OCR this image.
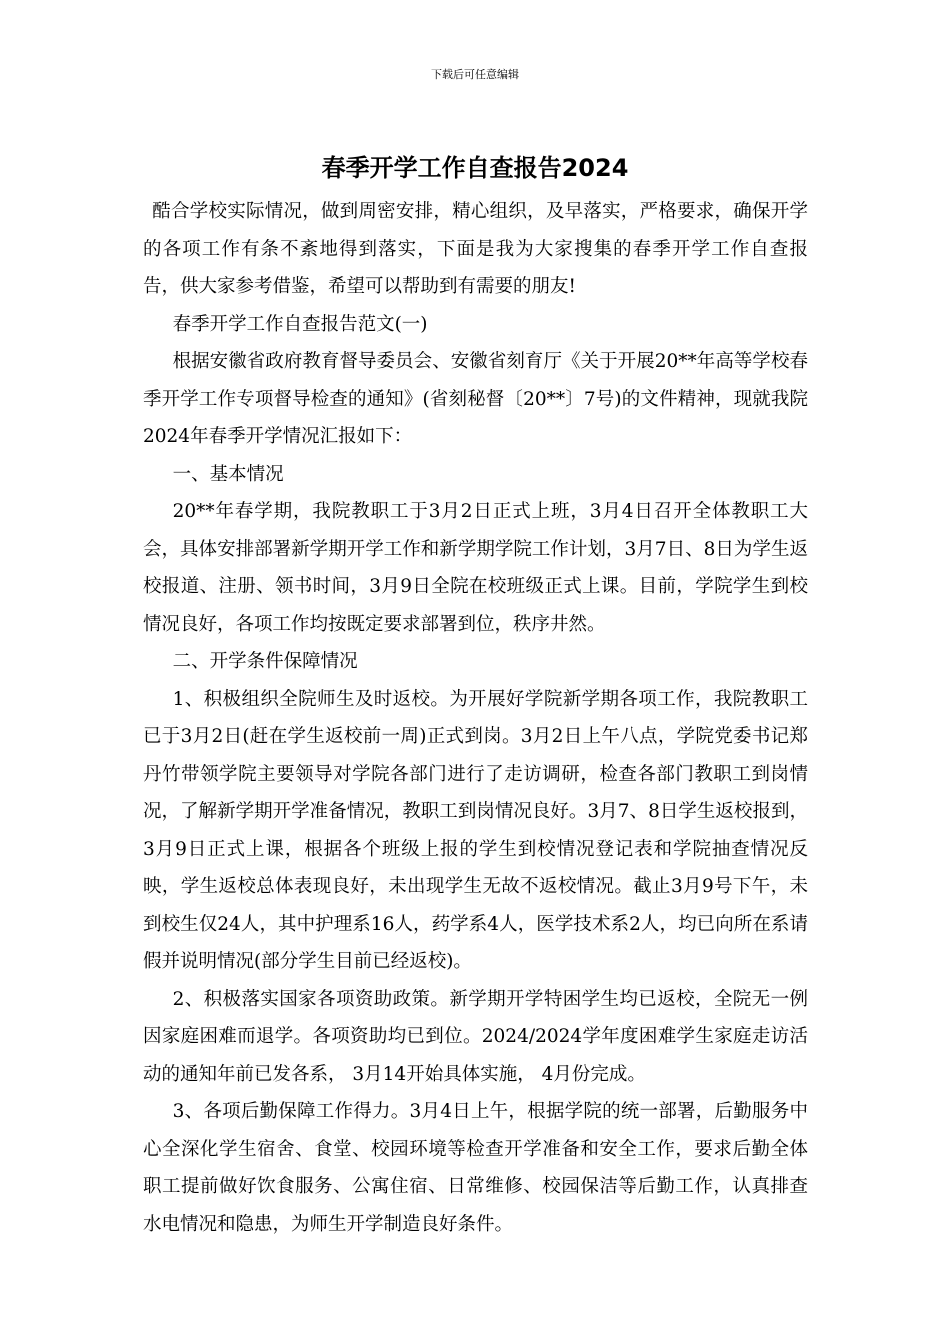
下载后可任意编辑
春季开学工作自查报告2024

酷合学校实际情况，做到周密安排，精心组织，及早落实，严格要求，确保开学的各项工作有条不紊地得到落实，下面是我为大家搜集的春季开学工作自查报告，供大家参考借鉴，希望可以帮助到有需要的朋友!

春季开学工作自查报告范文(一)

根据安徽省政府教育督导委员会、安徽省刻育厅《关于开展20**年高等学校春季开学工作专项督导检查的通知》(省刻秘督〔20**〕7号)的文件精神，现就我院2024年春季开学情况汇报如下：

一、基本情况

20**年春学期，我院教职工于3月2日正式上班，3月4日召开全体教职工大会，具体安排部署新学期开学工作和新学期学院工作计划，3月7日、8日为学生返校报道、注册、领书时间，3月9日全院在校班级正式上课。目前，学院学生到校情况良好，各项工作均按既定要求部署到位，秩序井然。

二、开学条件保障情况

1、积极组织全院师生及时返校。为开展好学院新学期各项工作，我院教职工已于3月2日(赶在学生返校前一周)正式到岗。3月2日上午八点，学院党委书记郑丹竹带领学院主要领导对学院各部门进行了走访调研，检查各部门教职工到岗情况，了解新学期开学准备情况，教职工到岗情况良好。3月7、8日学生返校报到，3月9日正式上课，根据各个班级上报的学生到校情况登记表和学院抽查情况反映，学生返校总体表现良好，未出现学生无故不返校情况。截止3月9号下午，未到校生仅24人，其中护理系16人，药学系4人，医学技术系2人，均已向所在系请假并说明情况(部分学生目前已经返校)。

2、积极落实国家各项资助政策。新学期开学特困学生均已返校，全院无一例因家庭困难而退学。各项资助均已到位。2024/2024学年度困难学生家庭走访活动的通知年前已发各系， 3月14开始具体实施， 4月份完成。

3、各项后勤保障工作得力。3月4日上午，根据学院的统一部署，后勤服务中心全深化学生宿舍、食堂、校园环境等检查开学准备和安全工作，要求后勤全体职工提前做好饮食服务、公寓住宿、日常维修、校园保洁等后勤工作，认真排查水电情况和隐患，为师生开学制造良好条件。
